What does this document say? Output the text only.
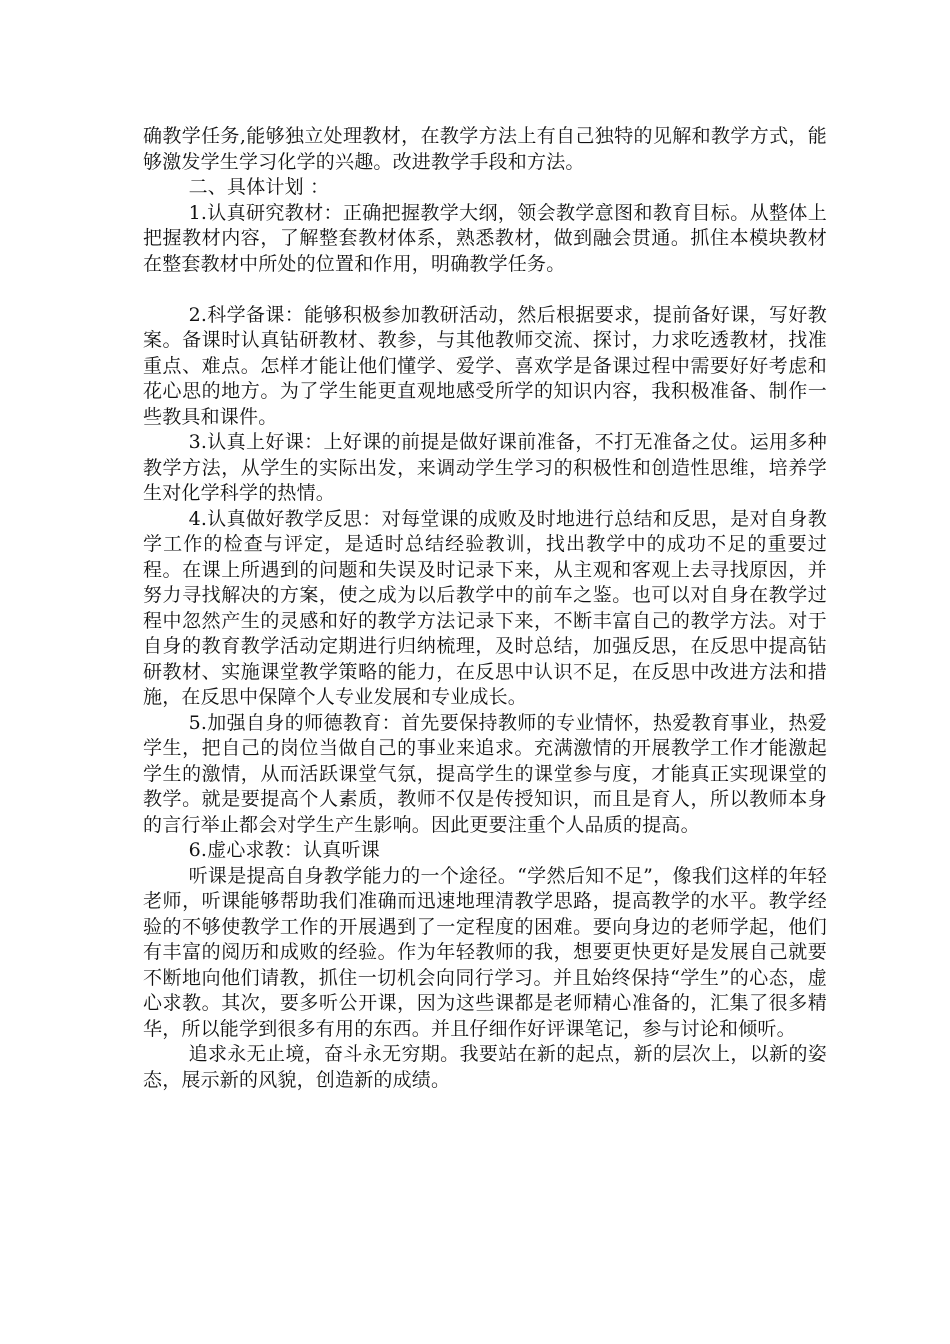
确教学任务,能够独立处理教材，在教学方法上有自己独特的见解和教学方式，能够激发学生学习化学的兴趣。改进教学手段和方法。

二、具体计划 ：

1.认真研究教材：正确把握教学大纲，领会教学意图和教育目标。从整体上把握教材内容，了解整套教材体系，熟悉教材，做到融会贯通。抓住本模块教材在整套教材中所处的位置和作用，明确教学任务。

2.科学备课：能够积极参加教研活动，然后根据要求，提前备好课，写好教案。备课时认真钻研教材、教参，与其他教师交流、探讨，力求吃透教材，找准重点、难点。怎样才能让他们懂学、爱学、喜欢学是备课过程中需要好好考虑和花心思的地方。为了学生能更直观地感受所学的知识内容，我积极准备、制作一些教具和课件。

3.认真上好课：上好课的前提是做好课前准备，不打无准备之仗。运用多种教学方法，从学生的实际出发，来调动学生学习的积极性和创造性思维，培养学生对化学科学的热情。

4.认真做好教学反思：对每堂课的成败及时地进行总结和反思，是对自身教学工作的检查与评定，是适时总结经验教训，找出教学中的成功不足的重要过程。在课上所遇到的问题和失误及时记录下来，从主观和客观上去寻找原因，并努力寻找解决的方案，使之成为以后教学中的前车之鉴。也可以对自身在教学过程中忽然产生的灵感和好的教学方法记录下来，不断丰富自己的教学方法。对于自身的教育教学活动定期进行归纳梳理，及时总结，加强反思，在反思中提高钻研教材、实施课堂教学策略的能力，在反思中认识不足，在反思中改进方法和措施，在反思中保障个人专业发展和专业成长。

5.加强自身的师德教育：首先要保持教师的专业情怀，热爱教育事业，热爱学生，把自己的岗位当做自己的事业来追求。充满激情的开展教学工作才能激起学生的激情，从而活跃课堂气氛，提高学生的课堂参与度，才能真正实现课堂的教学。就是要提高个人素质，教师不仅是传授知识，而且是育人，所以教师本身的言行举止都会对学生产生影响。因此更要注重个人品质的提高。

6.虚心求教：认真听课

听课是提高自身教学能力的一个途径。“学然后知不足”，像我们这样的年轻老师，听课能够帮助我们准确而迅速地理清教学思路，提高教学的水平。教学经验的不够使教学工作的开展遇到了一定程度的困难。要向身边的老师学起，他们有丰富的阅历和成败的经验。作为年轻教师的我，想要更快更好是发展自己就要不断地向他们请教，抓住一切机会向同行学习。并且始终保持“学生”的心态，虚心求教。其次，要多听公开课，因为这些课都是老师精心准备的，汇集了很多精华，所以能学到很多有用的东西。并且仔细作好评课笔记，参与讨论和倾听。

追求永无止境，奋斗永无穷期。我要站在新的起点，新的层次上，以新的姿态，展示新的风貌，创造新的成绩。
